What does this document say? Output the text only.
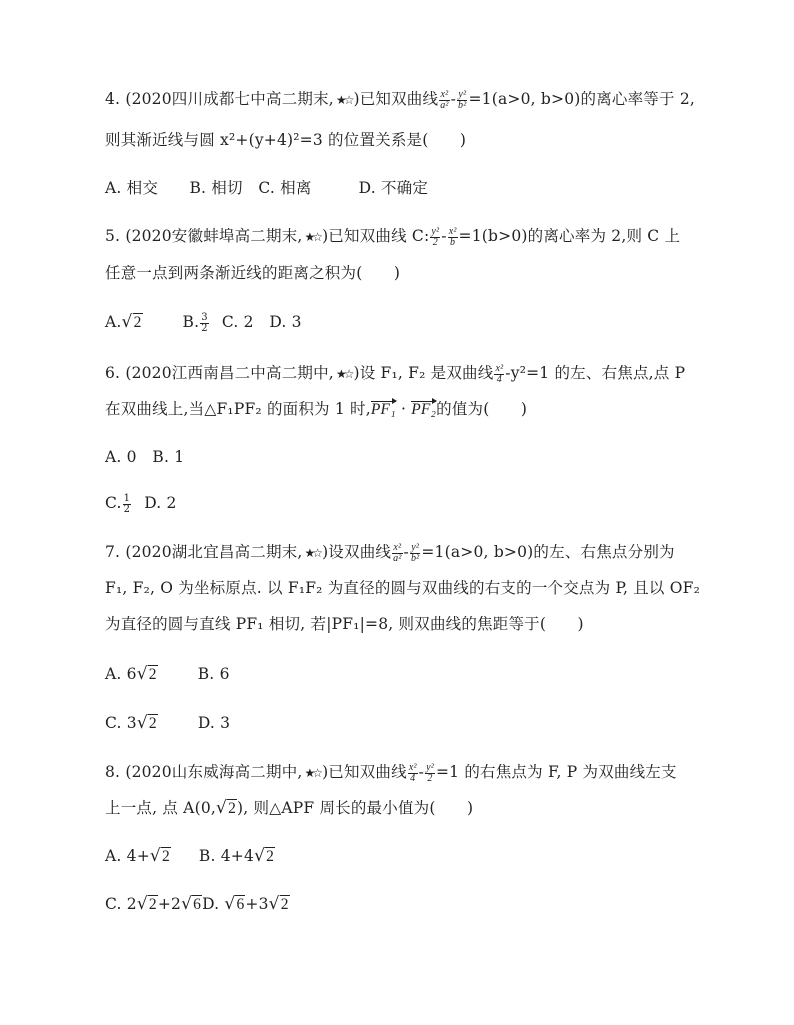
4. (2020四川成都七中高二期末, ★☆ )已知双曲线 $\frac{\text{x²}}{\text{a²}} - \frac{\text{y²}}{\text{b²}} =1(a>0$, b>0)的离心率等于 2,
则其渐近线与圆 x²+(y+4)²=3 的位置关系是(　　)
A. 相交　　B. 相切　C. 相离　　　D. 不确定
5. (2020安徽蚌埠高二期末, ★☆ )已知双曲线 C: $\frac{\text{y²}}{2} - \frac{\text{x²}}{b} =1(b>0)$的离心率为 2,则 C 上
任意一点到两条渐近线的距离之积为(　　)
A.√2	B. $\frac{3}{2} C$. 2　D. 3
6. (2020江西南昌二中高二期中, ★☆ )设 F₁, F₂ 是双曲线 $\frac{\text{x²}}{4} -y^2=1$ 的左、右焦点,点 P
在双曲线上,当△F₁PF₂ 的面积为 1 时,PF₁ · PF₂的值为(　　)
A. 0　B. 1
C. $\frac{1}{2} D$. 2
7. (2020湖北宜昌高二期末, ★☆ )设双曲线 $\frac{\text{x²}}{\text{a²}} - \frac{\text{y²}}{\text{b²}} =1(a>0$, b>0)的左、右焦点分别为
F₁, F₂, O 为坐标原点. 以 F₁F₂ 为直径的圆与双曲线的右支的一个交点为 P, 且以 OF₂
为直径的圆与直线 PF₁ 相切, 若|PF₁|=8, 则双曲线的焦距等于(　　)
A. 6√2	B. 6
C. 3√2	D. 3
8. (2020山东威海高二期中, ★☆ )已知双曲线 $\frac{\text{x²}}{4} - \frac{\text{y²}}{2} =1$ 的右焦点为 F, P 为双曲线左支
上一点, 点 A(0,√2), 则△APF 周长的最小值为(　　)
A. 4+√2 B. 4+4√2
C. 2√2+2√6D. √6+3√2
